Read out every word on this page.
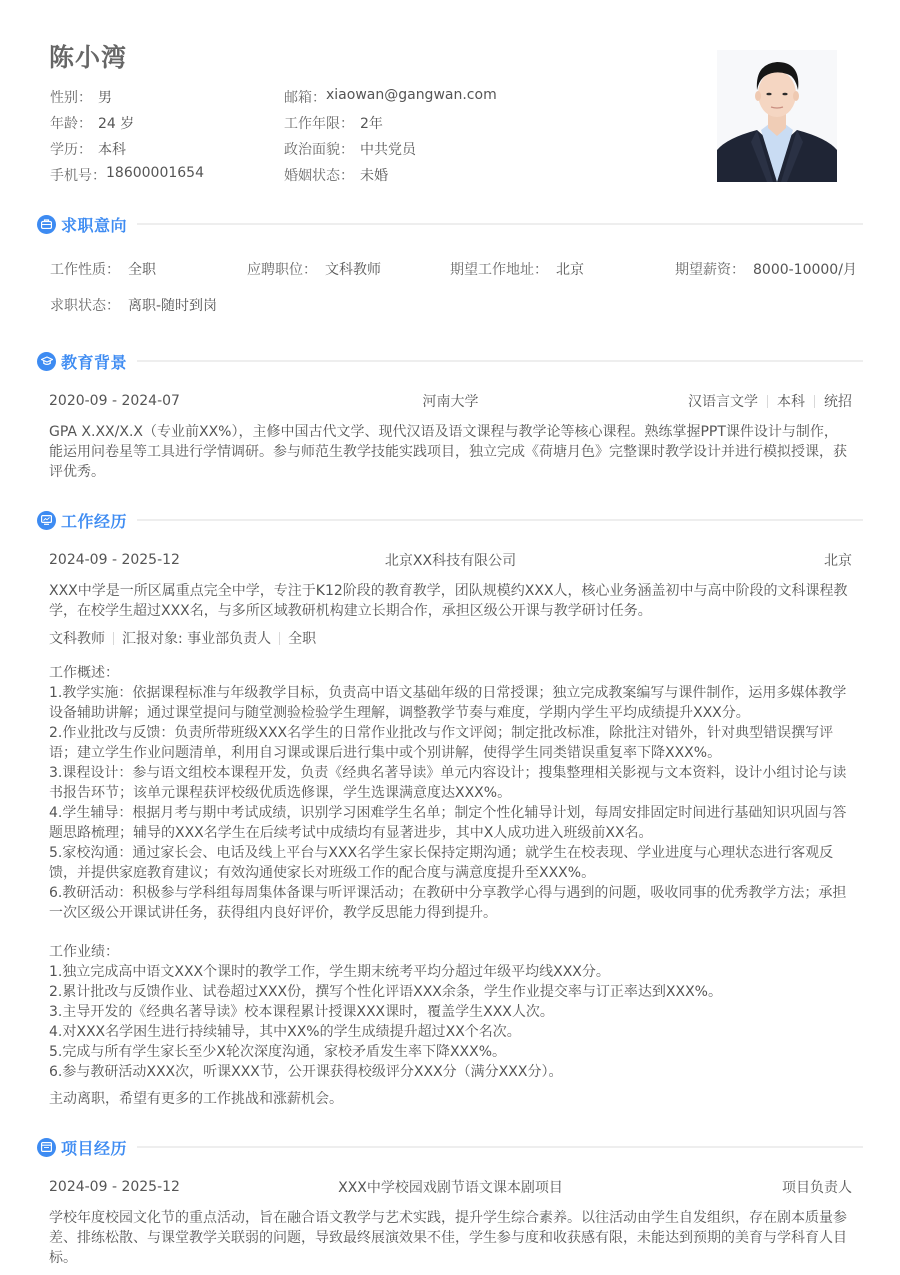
陈小湾
性别： 男	邮箱： xiaowan@gangwan.com
年龄： 24 岁	工作年限： 2年
学历： 本科	政治面貌： 中共党员
手机号： 18600001654	婚姻状态： 未婚
求职意向
工作性质： 全职	应聘职位： 文科教师	期望工作地址： 北京	期望薪资： 8000-10000/月
求职状态： 离职-随时到岗
教育背景
2020-09 - 2024-07	河南大学	汉语言文学 本科 统招
GPA X.XX/X.X（专业前XX%），主修中国古代文学、现代汉语及语文课程与教学论等核心课程。熟练掌握PPT课件设计与制作，
能运用问卷星等工具进行学情调研。参与师范生教学技能实践项目，独立完成《荷塘月色》完整课时教学设计并进行模拟授课，获
评优秀。
工作经历
2024-09 - 2025-12	北京XX科技有限公司	北京
XXX中学是一所区属重点完全中学，专注于K12阶段的教育教学，团队规模约XXX人，核心业务涵盖初中与高中阶段的文科课程教
学，在校学生超过XXX名，与多所区域教研机构建立长期合作，承担区级公开课与教学研讨任务。
文科教师 汇报对象: 事业部负责人 全职
工作概述：
1.教学实施：依据课程标准与年级教学目标，负责高中语文基础年级的日常授课；独立完成教案编写与课件制作，运用多媒体教学
设备辅助讲解；通过课堂提问与随堂测验检验学生理解，调整教学节奏与难度，学期内学生平均成绩提升XXX分。
2.作业批改与反馈：负责所带班级XXX名学生的日常作业批改与作文评阅；制定批改标准，除批注对错外，针对典型错误撰写评
语；建立学生作业问题清单，利用自习课或课后进行集中或个别讲解，使得学生同类错误重复率下降XXX%。
3.课程设计：参与语文组校本课程开发，负责《经典名著导读》单元内容设计；搜集整理相关影视与文本资料，设计小组讨论与读
书报告环节；该单元课程获评校级优质选修课，学生选课满意度达XXX%。
4.学生辅导：根据月考与期中考试成绩，识别学习困难学生名单；制定个性化辅导计划，每周安排固定时间进行基础知识巩固与答
题思路梳理；辅导的XXX名学生在后续考试中成绩均有显著进步，其中X人成功进入班级前XX名。
5.家校沟通：通过家长会、电话及线上平台与XXX名学生家长保持定期沟通；就学生在校表现、学业进度与心理状态进行客观反
馈，并提供家庭教育建议；有效沟通使家长对班级工作的配合度与满意度提升至XXX%。
6.教研活动：积极参与学科组每周集体备课与听评课活动；在教研中分享教学心得与遇到的问题，吸收同事的优秀教学方法；承担
一次区级公开课试讲任务，获得组内良好评价，教学反思能力得到提升。
工作业绩：
1.独立完成高中语文XXX个课时的教学工作，学生期末统考平均分超过年级平均线XXX分。
2.累计批改与反馈作业、试卷超过XXX份，撰写个性化评语XXX余条，学生作业提交率与订正率达到XXX%。
3.主导开发的《经典名著导读》校本课程累计授课XXX课时，覆盖学生XXX人次。
4.对XXX名学困生进行持续辅导，其中XX%的学生成绩提升超过XX个名次。
5.完成与所有学生家长至少X轮次深度沟通，家校矛盾发生率下降XXX%。
6.参与教研活动XXX次，听课XXX节，公开课获得校级评分XXX分（满分XXX分）。
主动离职，希望有更多的工作挑战和涨薪机会。
项目经历
2024-09 - 2025-12	XXX中学校园戏剧节语文课本剧项目	项目负责人
学校年度校园文化节的重点活动，旨在融合语文教学与艺术实践，提升学生综合素养。以往活动由学生自发组织，存在剧本质量参
差、排练松散、与课堂教学关联弱的问题，导致最终展演效果不佳，学生参与度和收获感有限，未能达到预期的美育与学科育人目
标。
